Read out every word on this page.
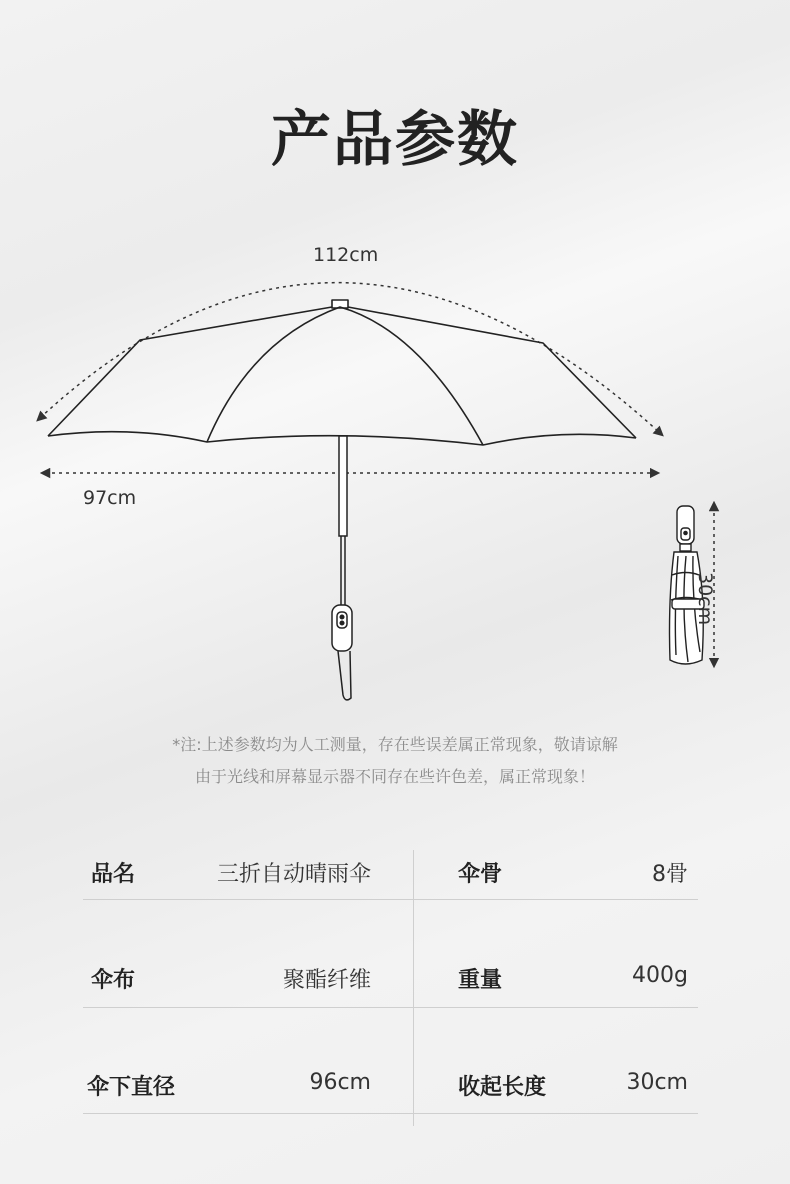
产品参数
112cm
97cm
30cm
*注:上述参数均为人工测量，存在些误差属正常现象，敬请谅解
由于光线和屏幕显示器不同存在些许色差，属正常现象！
品名	三折自动晴雨伞	伞骨	8骨
伞布	聚酯纤维	重量	400g
伞下直径	96cm	收起长度	30cm
